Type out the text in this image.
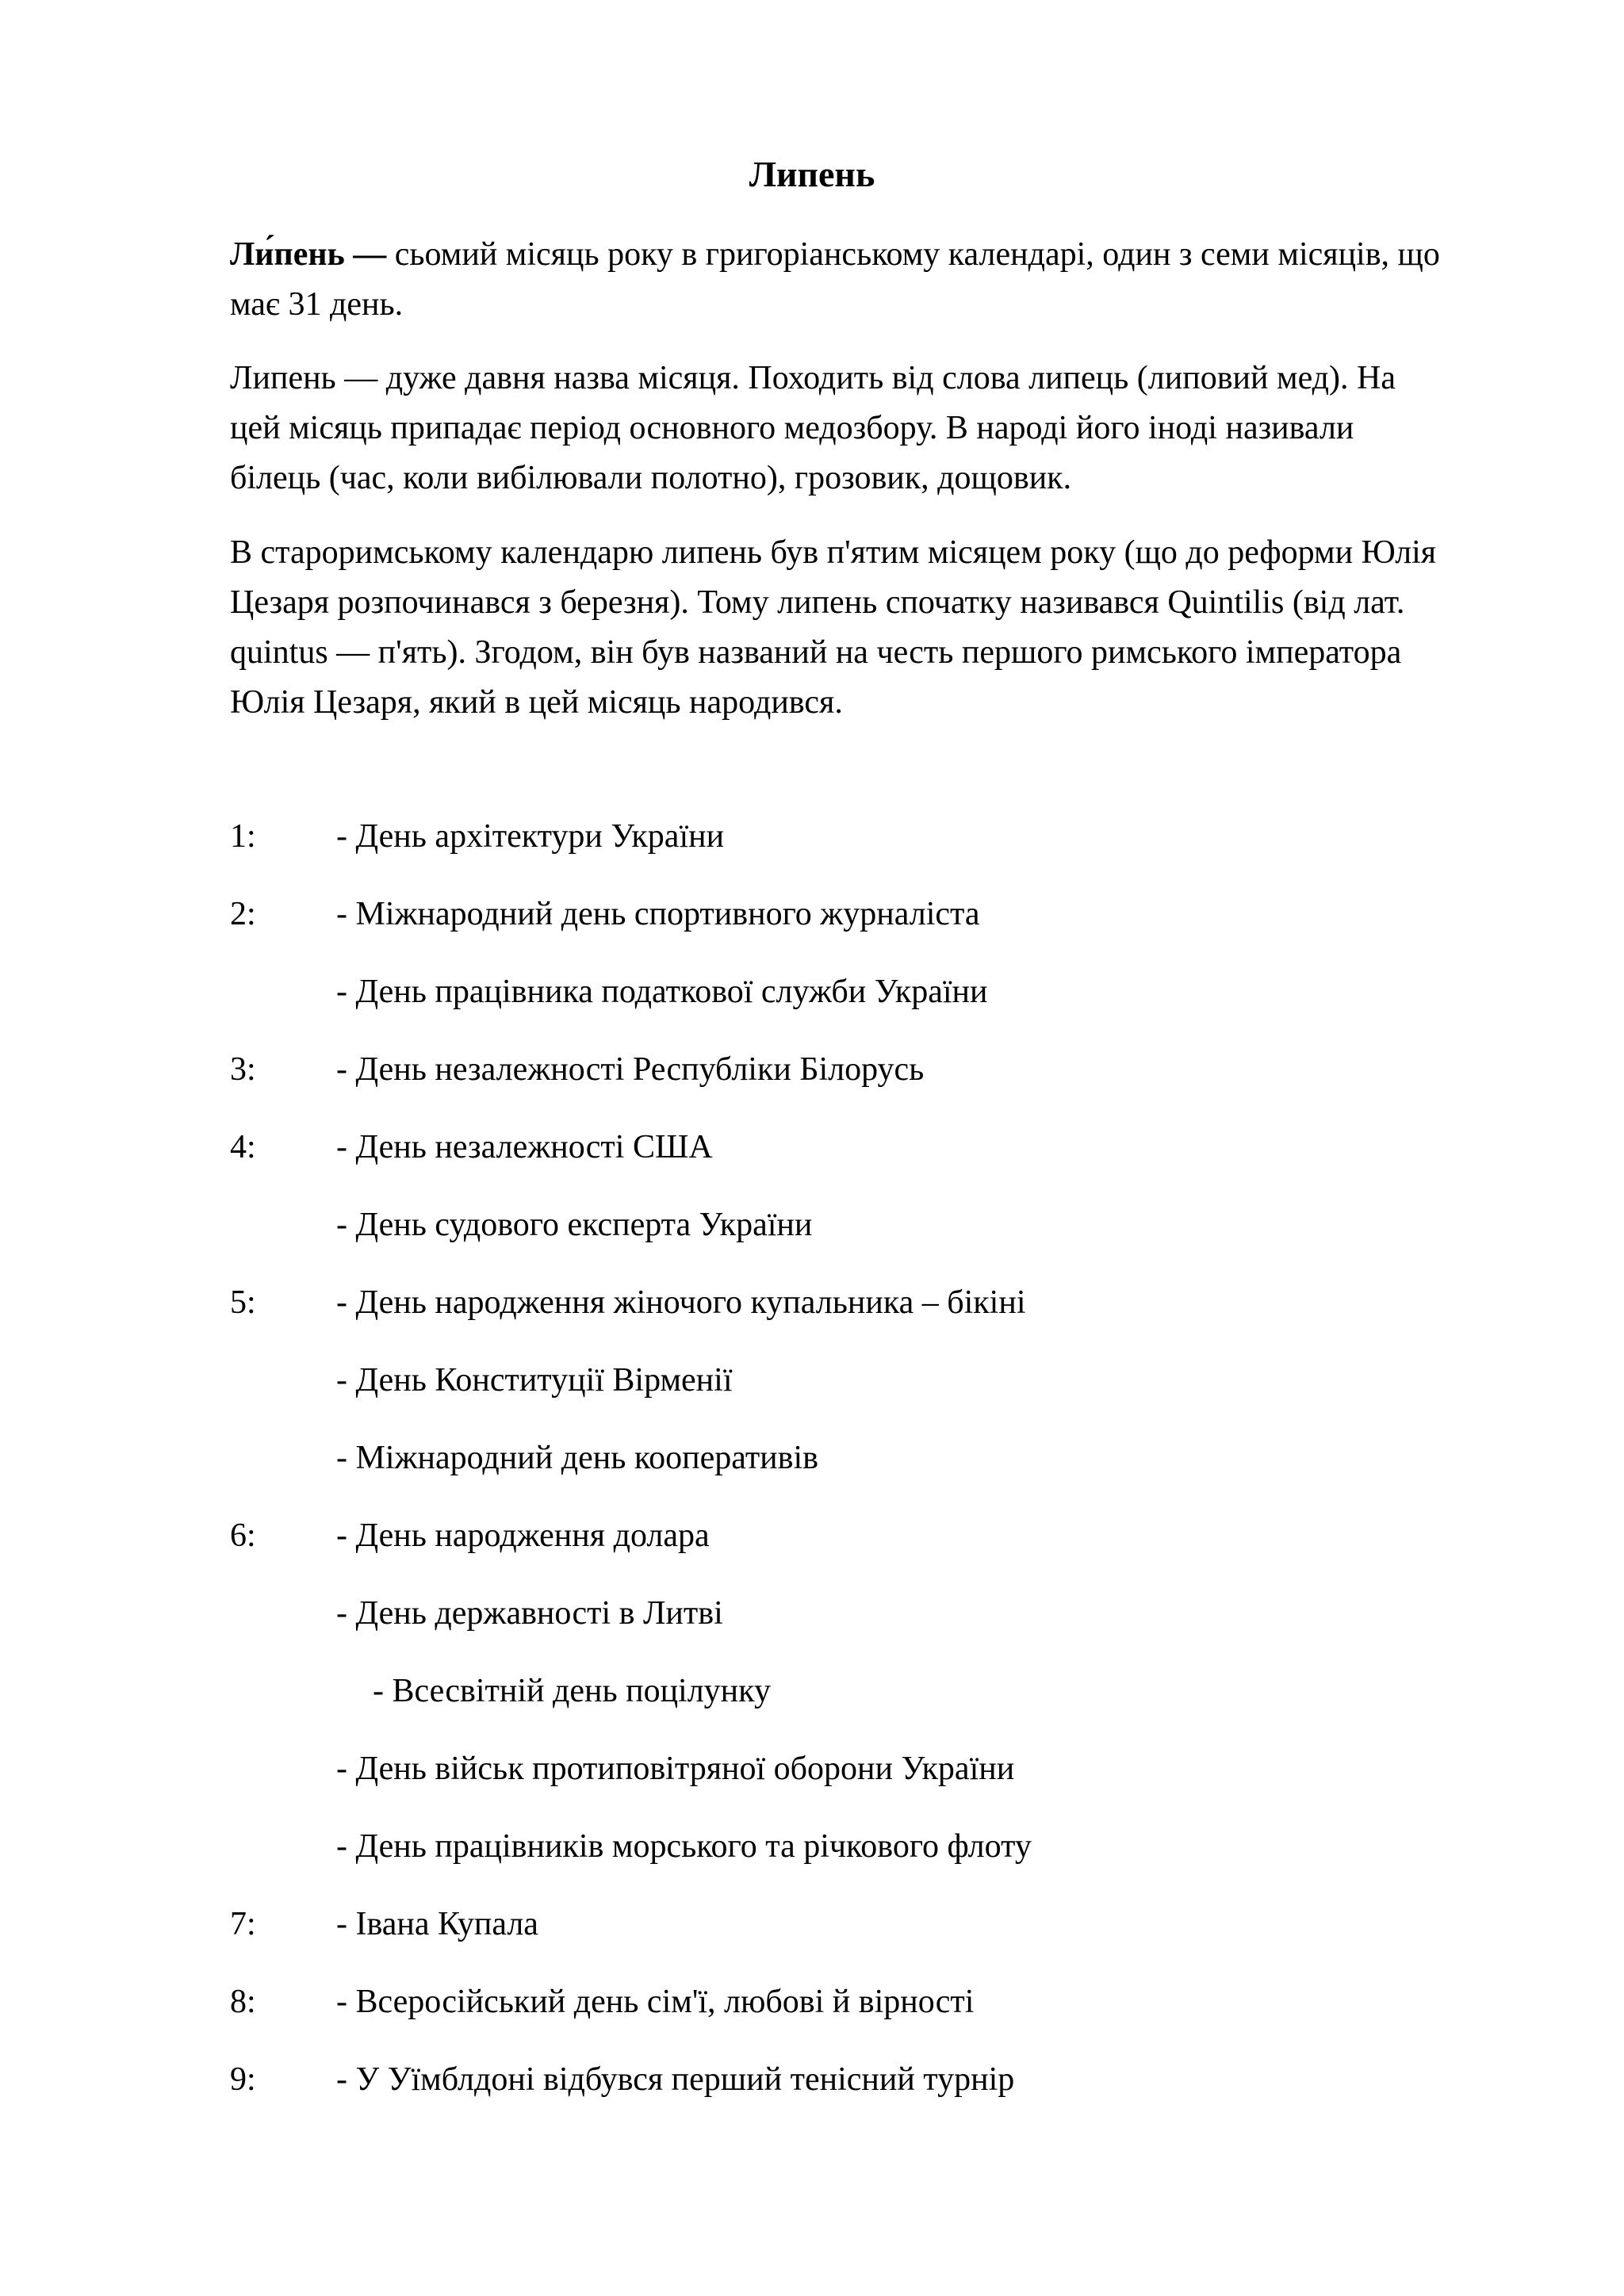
Липень
Ли́пень — сьомий місяць року в григоріанському календарі, один з семи місяців, що має 31 день.
Липень — дуже давня назва місяця. Походить від слова липець (липовий мед). На цей місяць припадає період основного медозбору. В народі його іноді називали білець (час, коли вибілювали полотно), грозовик, дощовик.
В староримському календарю липень був п'ятим місяцем року (що до реформи Юлія Цезаря розпочинався з березня). Тому липень спочатку називався Quintilis (від лат. quintus — п'ять). Згодом, він був названий на честь першого римського імператора Юлія Цезаря, який в цей місяць народився.
1: - День архітектури України
2: - Міжнародний день спортивного журналіста
- День працівника податкової служби України
3: - День незалежності Республіки Білорусь
4: - День незалежності США
- День судового експерта України
5: - День народження жіночого купальника – бікіні
- День Конституції Вірменії
- Міжнародний день кооперативів
6: - День народження долара
- День державності в Литві
- Всесвітній день поцілунку
- День військ протиповітряної оборони України
- День працівників морського та річкового флоту
7: - Івана Купала
8: - Всеросійський день сім'ї, любові й вірності
9: - У Уїмблдоні відбувся перший тенісний турнір
